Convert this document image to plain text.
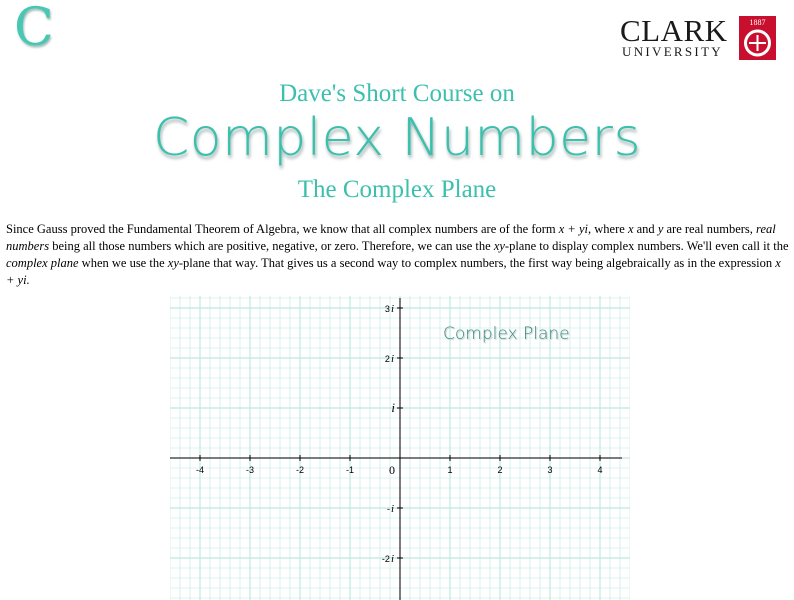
C	CLARK
UNIVERSITY
1887
Dave's Short Course on
Complex Numbers
The Complex Plane
Since Gauss proved the Fundamental Theorem of Algebra, we know that all complex numbers are of the form x + yi, where x and y are real numbers, real numbers being all those numbers which are positive, negative, or zero. Therefore, we can use the xy-plane to display complex numbers. We'll even call it the complex plane when we use the xy-plane that way. That gives us a second way to complex numbers, the first way being algebraically as in the expression x + yi.
-4	-3	-2	-1	1	2	3	4
0
3i
2i
i
-i
-2i
Complex Plane
